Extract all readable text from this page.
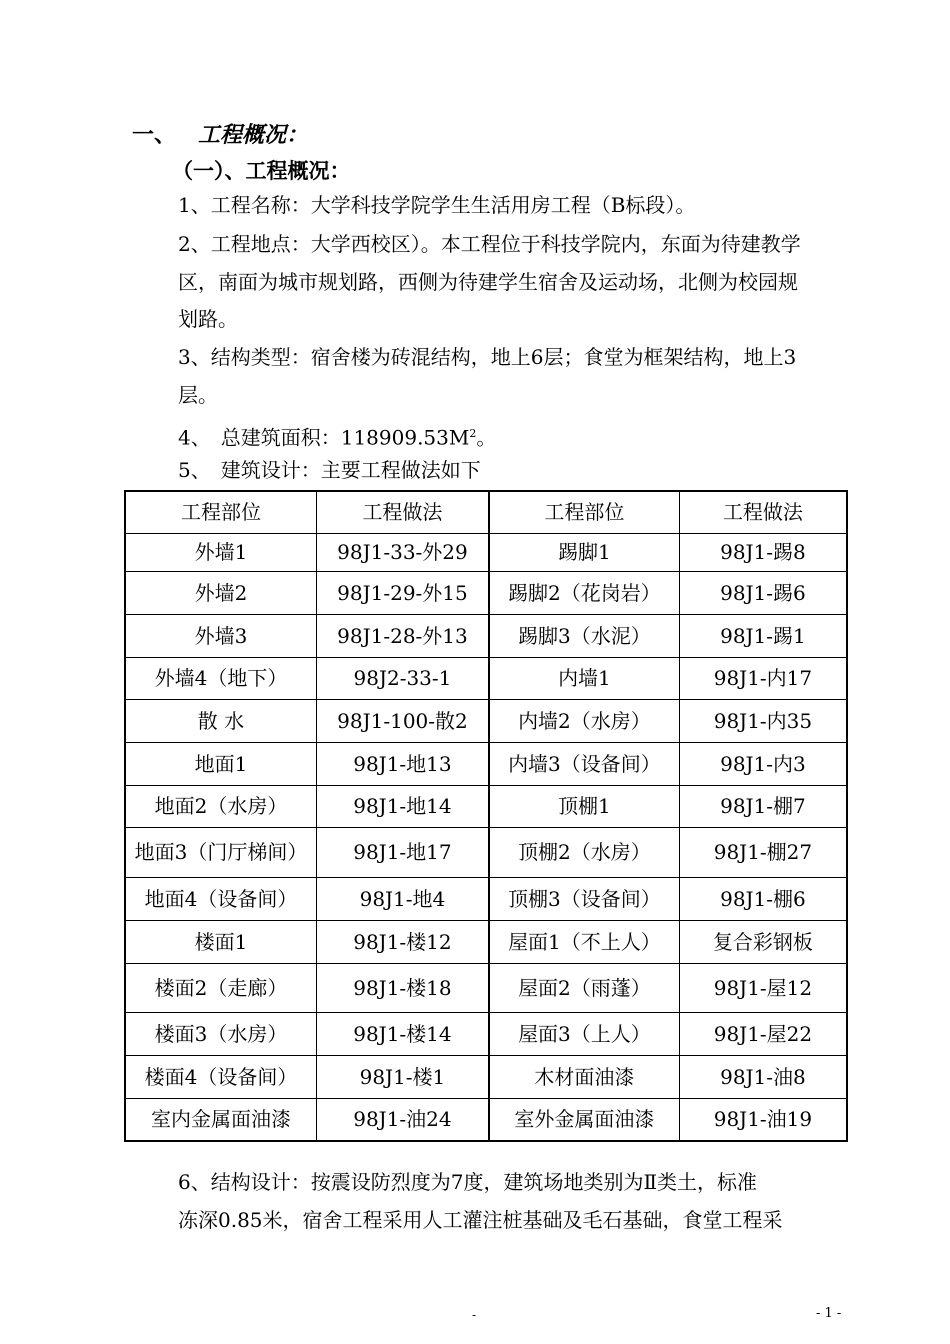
一、 工程概况：
（一）、工程概况：
1、工程名称：大学科技学院学生生活用房工程（B标段）。
2、工程地点：大学西校区）。本工程位于科技学院内，东面为待建教学
区，南面为城市规划路，西侧为待建学生宿舍及运动场，北侧为校园规
划路。
3、结构类型：宿舍楼为砖混结构，地上6层；食堂为框架结构，地上3
层。
4、　总建筑面积：$118909.53M^2$。
5、　建筑设计：主要工程做法如下
工程部位	工程做法	工程部位	工程做法
外墙1	98J1-33-外29	踢脚1	98J1-踢8
外墙2	98J1-29-外15	踢脚2（花岗岩）	98J1-踢6
外墙3	98J1-28-外13	踢脚3（水泥）	98J1-踢1
外墙4（地下）	98J2-33-1	内墙1	98J1-内17
散 水	98J1-100-散2	内墙2（水房）	98J1-内35
地面1	98J1-地13	内墙3（设备间）	98J1-内3
地面2（水房）	98J1-地14	顶棚1	98J1-棚7
地面3（门厅梯间）	98J1-地17	顶棚2（水房）	98J1-棚27
地面4（设备间）	98J1-地4	顶棚3（设备间）	98J1-棚6
楼面1	98J1-楼12	屋面1（不上人）	复合彩钢板
楼面2（走廊）	98J1-楼18	屋面2（雨蓬）	98J1-屋12
楼面3（水房）	98J1-楼14	屋面3（上人）	98J1-屋22
楼面4（设备间）	98J1-楼1	木材面油漆	98J1-油8
室内金属面油漆	98J1-油24	室外金属面油漆	98J1-油19
6、结构设计：按震设防烈度为7度，建筑场地类别为Ⅱ类土，标准
冻深0.85米，宿舍工程采用人工灌注桩基础及毛石基础，食堂工程采
-	- 1 -
